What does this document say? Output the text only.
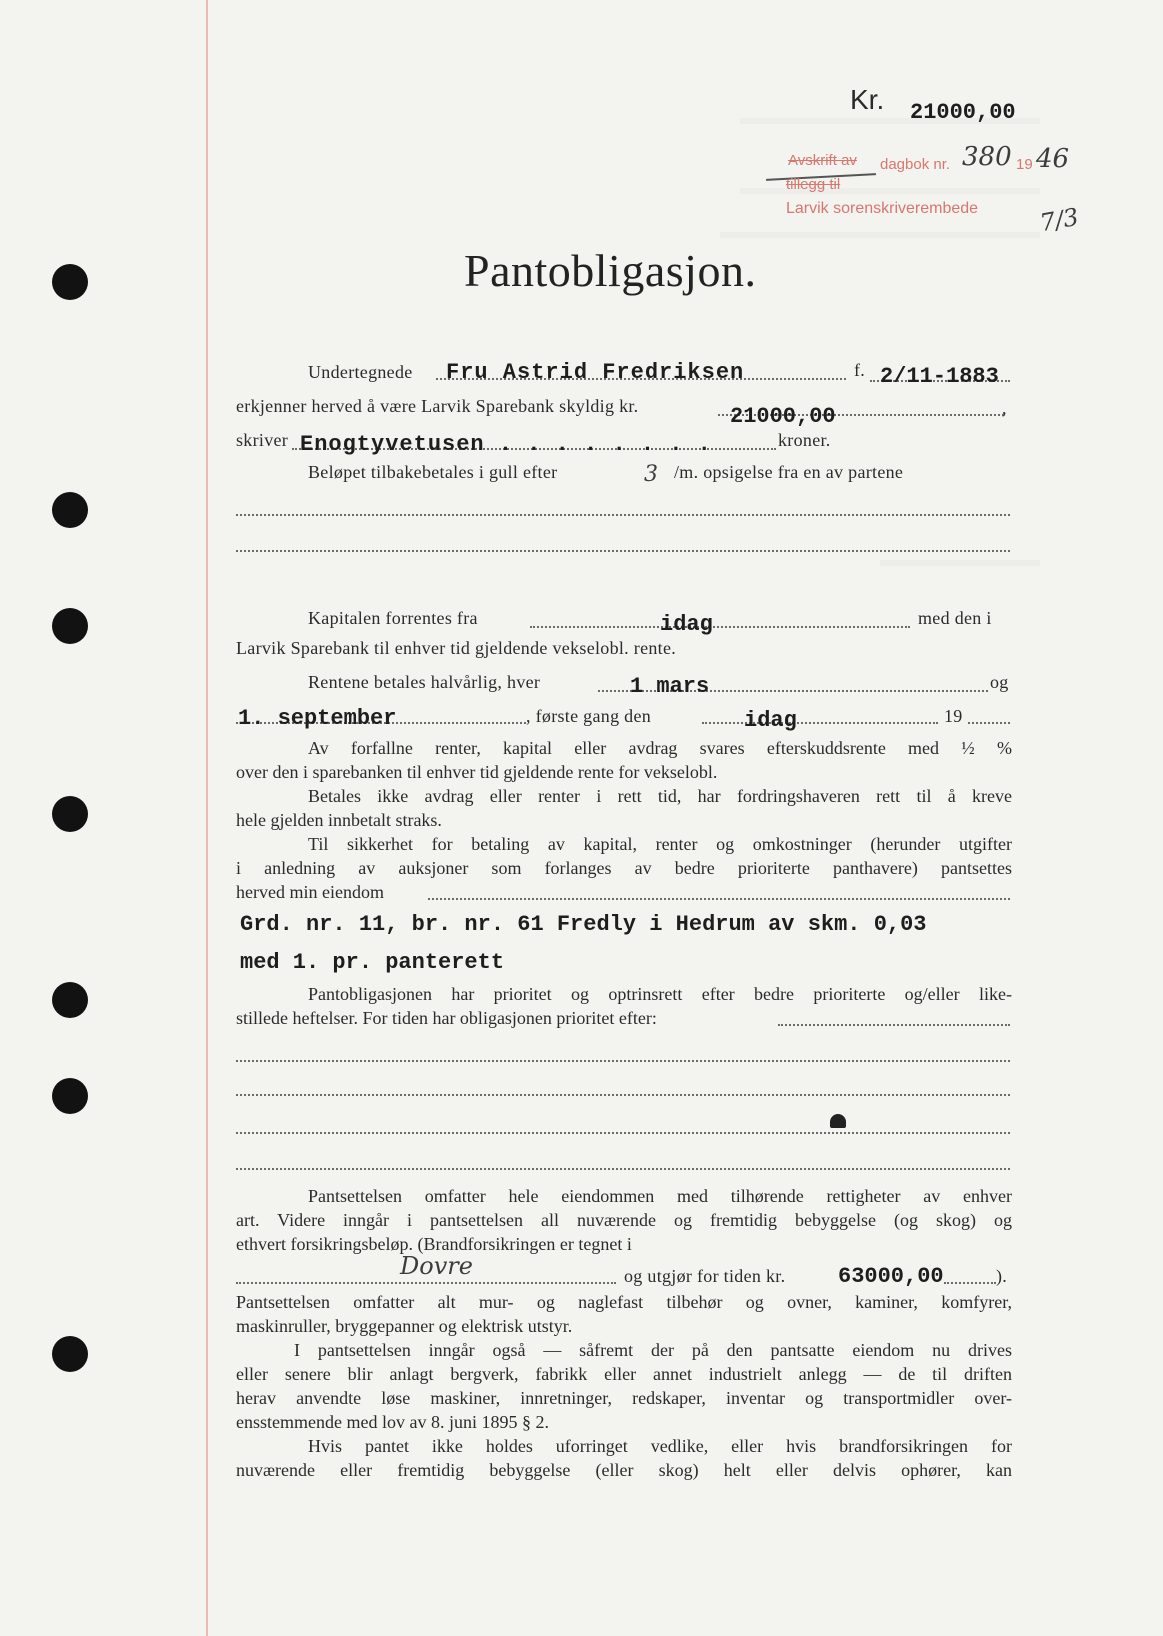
Kr. 21000,00
Avskrift av dagbok nr. 380 19 46
tillegg til
Larvik sorenskriverembede 7/3
Pantobligasjon.
Undertegnede Fru Astrid Fredriksen	f. 2/11-1883
erkjenner herved å være Larvik Sparebank skyldig kr.	21000,00	,
skriver Enogtyvetusen . . . . . . . .	kroner.
Beløpet tilbakebetales i gull efter	3 /m. opsigelse fra en av partene
Kapitalen forrentes fra	idag	med den i
Larvik Sparebank til enhver tid gjeldende vekselobl. rente.
Rentene betales halvårlig, hver	1 mars	og
1. september	, første gang den	idag	19
Av forfallne renter, kapital eller avdrag svares efterskuddsrente med ½ %
over den i sparebanken til enhver tid gjeldende rente for vekselobl.
Betales ikke avdrag eller renter i rett tid, har fordringshaveren rett til å kreve
hele gjelden innbetalt straks.
Til sikkerhet for betaling av kapital, renter og omkostninger (herunder utgifter
i anledning av auksjoner som forlanges av bedre prioriterte panthavere) pantsettes
herved min eiendom
Grd. nr. 11, br. nr. 61 Fredly i Hedrum av skm. 0,03
med 1. pr. panterett
Pantobligasjonen har prioritet og optrinsrett efter bedre prioriterte og/eller like-
stillede heftelser. For tiden har obligasjonen prioritet efter:
Pantsettelsen omfatter hele eiendommen med tilhørende rettigheter av enhver
art. Videre inngår i pantsettelsen all nuværende og fremtidig bebyggelse (og skog) og
ethvert forsikringsbeløp. (Brandforsikringen er tegnet i
Dovre	og utgjør for tiden kr. 63000,00	).
Pantsettelsen omfatter alt mur- og naglefast tilbehør og ovner, kaminer, komfyrer,
maskinruller, bryggepanner og elektrisk utstyr.
I pantsettelsen inngår også — såfremt der på den pantsatte eiendom nu drives
eller senere blir anlagt bergverk, fabrikk eller annet industrielt anlegg — de til driften
herav anvendte løse maskiner, innretninger, redskaper, inventar og transportmidler over-
ensstemmende med lov av 8. juni 1895 § 2.
Hvis pantet ikke holdes uforringet vedlike, eller hvis brandforsikringen for
nuværende eller fremtidig bebyggelse (eller skog) helt eller delvis ophører, kan
